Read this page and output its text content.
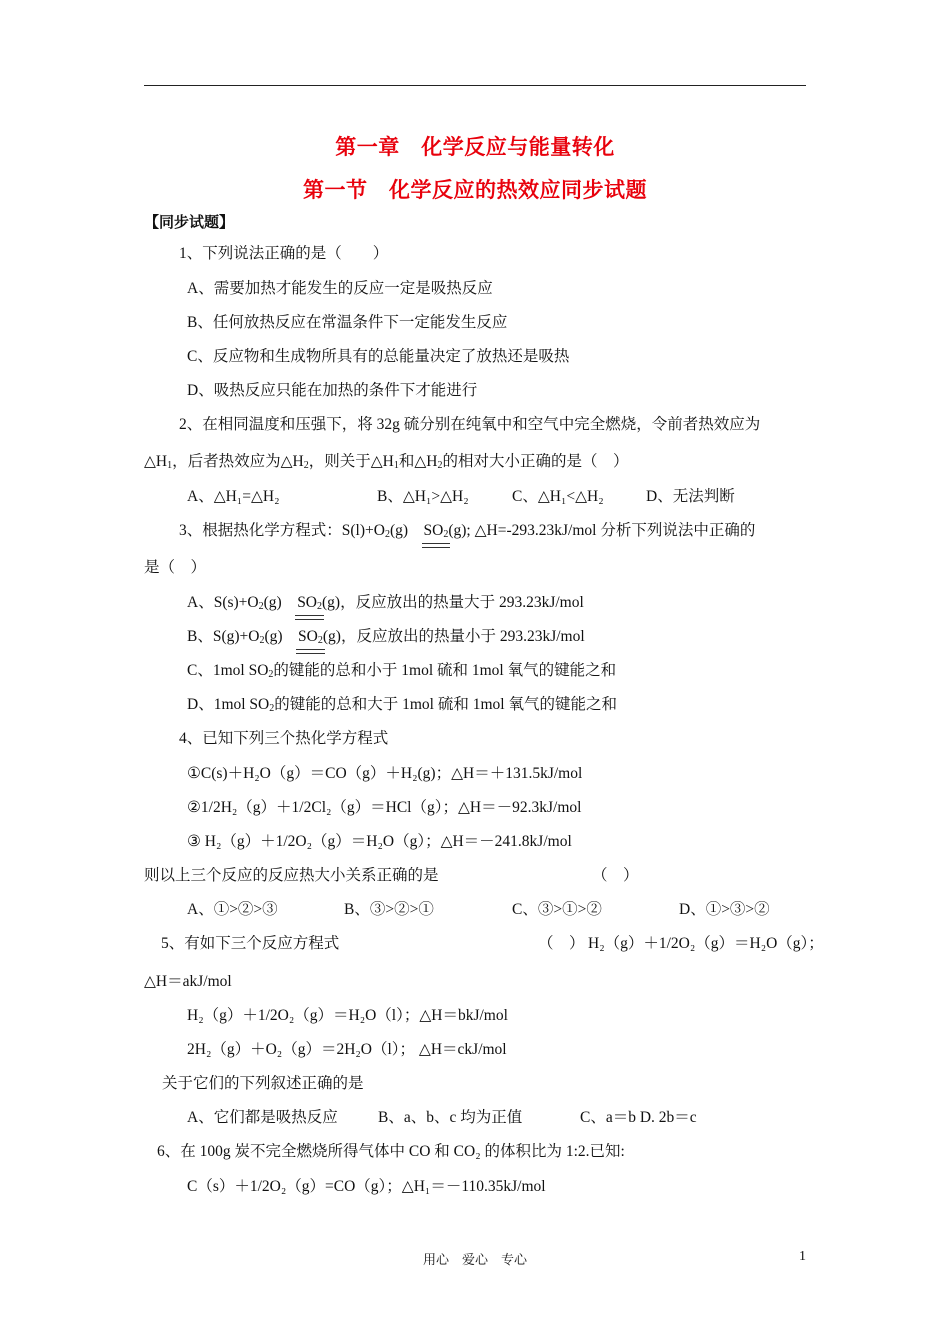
第一章　化学反应与能量转化
第一节　化学反应的热效应同步试题
【同步试题】
1、下列说法正确的是（　　）
A、需要加热才能发生的反应一定是吸热反应
B、任何放热反应在常温条件下一定能发生反应
C、反应物和生成物所具有的总能量决定了放热还是吸热
D、吸热反应只能在加热的条件下才能进行
2、在相同温度和压强下，将 32g 硫分别在纯氧中和空气中完全燃烧，令前者热效应为
$\triangle H_1$，后者热效应为$\triangle H_2$，则关于$\triangle H_1$和$\triangle H_2$的相对大小正确的是（　）
A、△H₁=△H₂	B、△H₁>△H₂	C、△H₁<△H₂	D、无法判断
3、根据热化学方程式：$S(l)+O_2(g)$　$SO_2(g)$; △H=-293.23kJ/mol 分析下列说法中正确的
是（　）
A、$S(s)+O_2(g)$　$SO_2(g)$，反应放出的热量大于 293.23kJ/mol
B、$S(g)+O_2(g)$　$SO_2(g)$，反应放出的热量小于 293.23kJ/mol
C、1mol $SO_2$的键能的总和小于 1mol 硫和 1mol 氧气的键能之和
D、1mol $SO_2$的键能的总和大于 1mol 硫和 1mol 氧气的键能之和
4、已知下列三个热化学方程式
①C(s)＋H₂O（g）＝CO（g）＋H₂(g)；△H＝＋131.5kJ/mol
②1/2H₂（g）＋1/2Cl₂（g）＝HCl（g）；△H＝－92.3kJ/mol
③ H₂（g）＋1/2O₂（g）＝H₂O（g）；△H＝－241.8kJ/mol
则以上三个反应的反应热大小关系正确的是	（　）
A、①>②>③	B、③>②>①	C、③>①>②	D、①>③>②
5、有如下三个反应方程式	（　） H₂（g）＋1/2O₂（g）＝H₂O（g）；
△H＝akJ/mol
H₂（g）＋1/2O₂（g）＝H₂O（l）；△H＝bkJ/mol
2H₂（g）＋O₂（g）＝2H₂O（l）； △H＝ckJ/mol
关于它们的下列叙述正确的是
A、它们都是吸热反应	B、a、b、c 均为正值	C、a＝b D. 2b＝c
6、在 100g 炭不完全燃烧所得气体中 CO 和 CO₂ 的体积比为 1:2.已知:
C（s）＋1/2O₂（g）=CO（g）；△H₁＝－110.35kJ/mol
用心　爱心　专心	1
